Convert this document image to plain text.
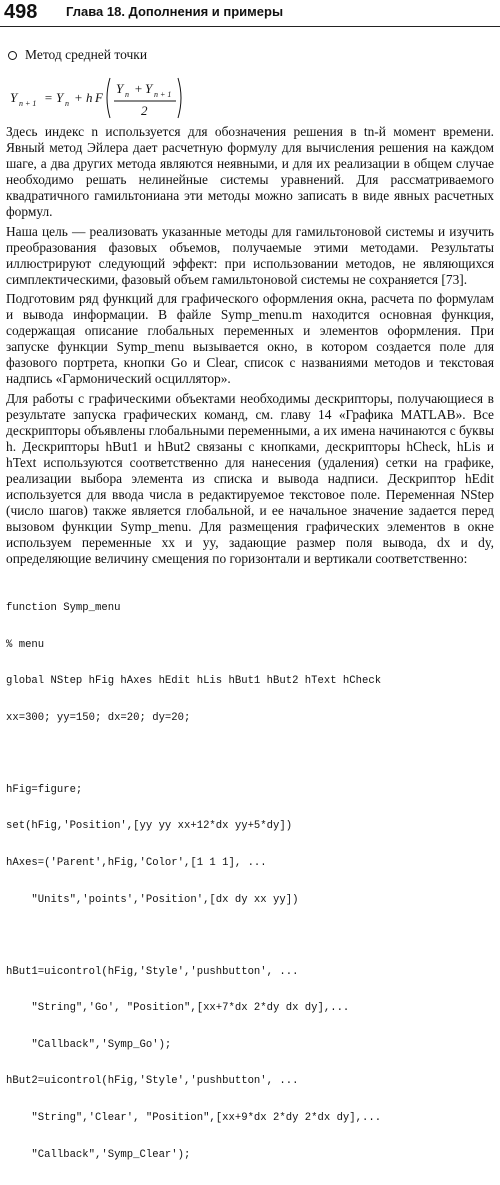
498 Глава 18. Дополнения и примеры
Метод средней точки
Y n + 1 = Y n + h F
Y n + Y n + 1
2

Здесь индекс n используется для обозначения решения в tn-й момент времени. Явный метод Эйлера дает расчетную формулу для вычисления решения на каждом шаге, а два других метода являются неявными, и для их реализации в общем случае необходимо решать нелинейные системы уравнений. Для рассматриваемого квадратичного гамильтониана эти методы можно записать в виде явных расчетных формул.

Наша цель — реализовать указанные методы для гамильтоновой системы и изучить преобразования фазовых объемов, получаемые этими методами. Результаты иллюстрируют следующий эффект: при использовании методов, не являющихся симплектическими, фазовый объем гамильтоновой системы не сохраняется [73].

Подготовим ряд функций для графического оформления окна, расчета по формулам и вывода информации. В файле Symp_menu.m находится основная функция, содержащая описание глобальных переменных и элементов оформления. При запуске функции Symp_menu вызывается окно, в котором создается поле для фазового портрета, кнопки Go и Clear, список с названиями методов и текстовая надпись «Гармонический осциллятор».

Для работы с графическими объектами необходимы дескрипторы, получающиеся в результате запуска графических команд, см. главу 14 «Графика MATLAB». Все дескрипторы объявлены глобальными переменными, а их имена начинаются с буквы h. Дескрипторы hBut1 и hBut2 связаны с кнопками, дескрипторы hCheck, hLis и hText используются соответственно для нанесения (удаления) сетки на графике, реализации выбора элемента из списка и вывода надписи. Дескриптор hEdit используется для ввода числа в редактируемое текстовое поле. Переменная NStep (число шагов) также является глобальной, и ее начальное значение задается перед вызовом функции Symp_menu. Для размещения графических элементов в окне используем переменные xx и yy, задающие размер поля вывода, dx и dy, определяющие величину смещения по горизонтали и вертикали соответственно:

function Symp_menu

% menu

global NStep hFig hAxes hEdit hLis hBut1 hBut2 hText hCheck

xx=300; yy=150; dx=20; dy=20;

hFig=figure;

set(hFig,'Position',[yy yy xx+12*dx yy+5*dy])

hAxes=('Parent',hFig,'Color',[1 1 1], ...

"Units",'points','Position',[dx dy xx yy])

hBut1=uicontrol(hFig,'Style','pushbutton', ...

"String",'Go', "Position",[xx+7*dx 2*dy dx dy],...

"Callback",'Symp_Go');

hBut2=uicontrol(hFig,'Style','pushbutton', ...

"String",'Clear', "Position",[xx+9*dx 2*dy 2*dx dy],...

"Callback",'Symp_Clear');
